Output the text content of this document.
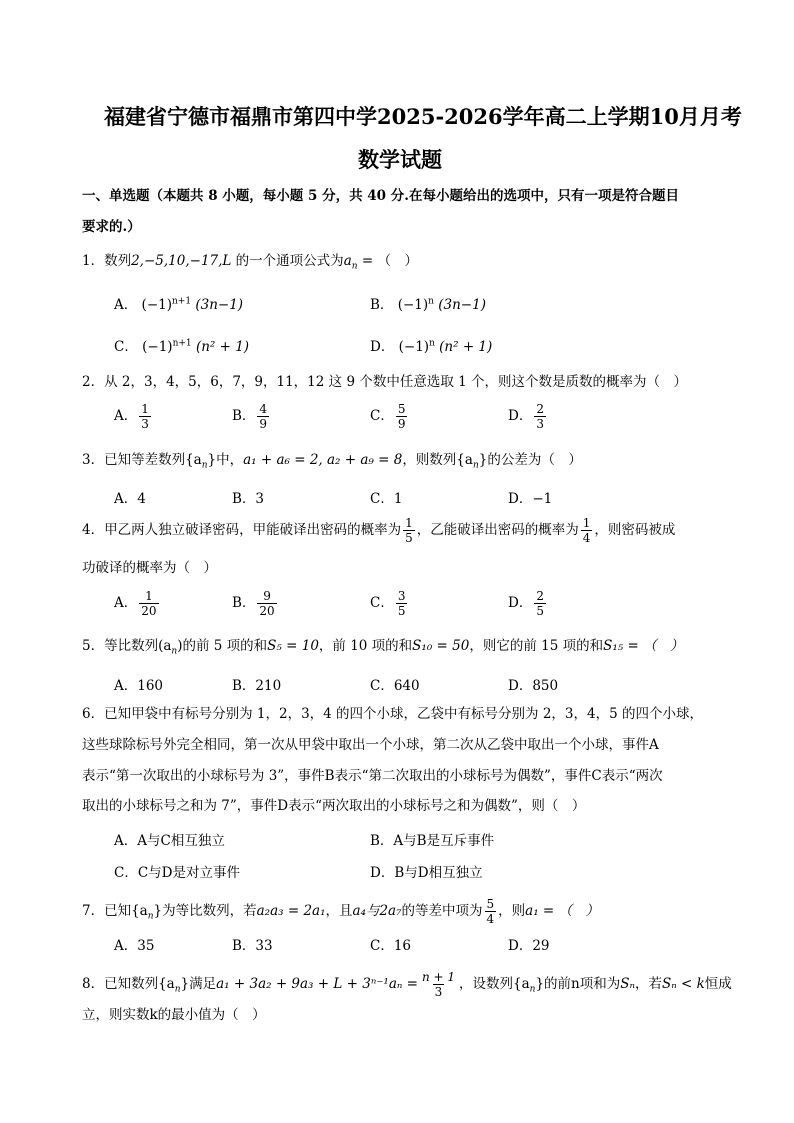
福建省宁德市福鼎市第四中学2025-2026学年高二上学期10月月考
数学试题
一、单选题（本题共 8 小题，每小题 5 分，共 40 分.在每小题给出的选项中，只有一项是符合题目
要求的.）
1．数列2,−5,10,−17,L 的一个通项公式为$a_n$ = （　）
A． $(-1)^{n+1}$ (3n−1)	B． $(-1)^n$ (3n−1)
C． $(-1)^{n+1}$ (n² + 1)	D． $(-1)^n$ (n² + 1)
2．从 2，3，4，5，6，7，9，11，12 这 9 个数中任意选取 1 个，则这个数是质数的概率为（　）
A． $\frac{1}{3}$	B． $\frac{4}{9}$	C． $\frac{5}{9}$	D． $\frac{2}{3}$
3．已知等差数列$\{a_n\}$中，a₁ + a₆ = 2, a₂ + a₉ = 8，则数列$\{a_n\}$的公差为（　）
A．4	B．3	C．1	D．−1
4．甲乙两人独立破译密码，甲能破译出密码的概率为 $\frac{1}{5}$ ，乙能破译出密码的概率为 $\frac{1}{4}$ ，则密码被成
功破译的概率为（　）
A． $\frac{1}{20}$	B． $\frac{9}{20}$	C． $\frac{3}{5}$	D． $\frac{2}{5}$
5．等比数列$(a_n)$的前 5 项的和S₅ = 10，前 10 项的和S₁₀ = 50，则它的前 15 项的和S₁₅ = （　）
A．160	B．210	C．640	D．850
6．已知甲袋中有标号分别为 1，2，3，4 的四个小球，乙袋中有标号分别为 2，3，4，5 的四个小球，
这些球除标号外完全相同，第一次从甲袋中取出一个小球，第二次从乙袋中取出一个小球，事件A
表示“第一次取出的小球标号为 3”，事件B表示“第二次取出的小球标号为偶数”，事件C表示“两次
取出的小球标号之和为 7”，事件D表示“两次取出的小球标号之和为偶数”，则（　）
A．A与C相互独立	B．A与B是互斥事件
C．C与D是对立事件	D．B与D相互独立
7．已知$\{a_n\}$为等比数列，若a₂a₃ = 2a₁，且a₄与2a₇的等差中项为 $\frac{5}{4}$ ，则a₁ = （　）
A．35	B．33	C．16	D．29
8．已知数列$\{a_n\}$满足$a_1 + 3a_2 + 9a_3 + L + 3^{n-1}a_n = \frac{n + 1}{3}$ ，设数列$\{a_n\}$的前n项和为Sₙ，若Sₙ < k恒成
立，则实数k的最小值为（　）
